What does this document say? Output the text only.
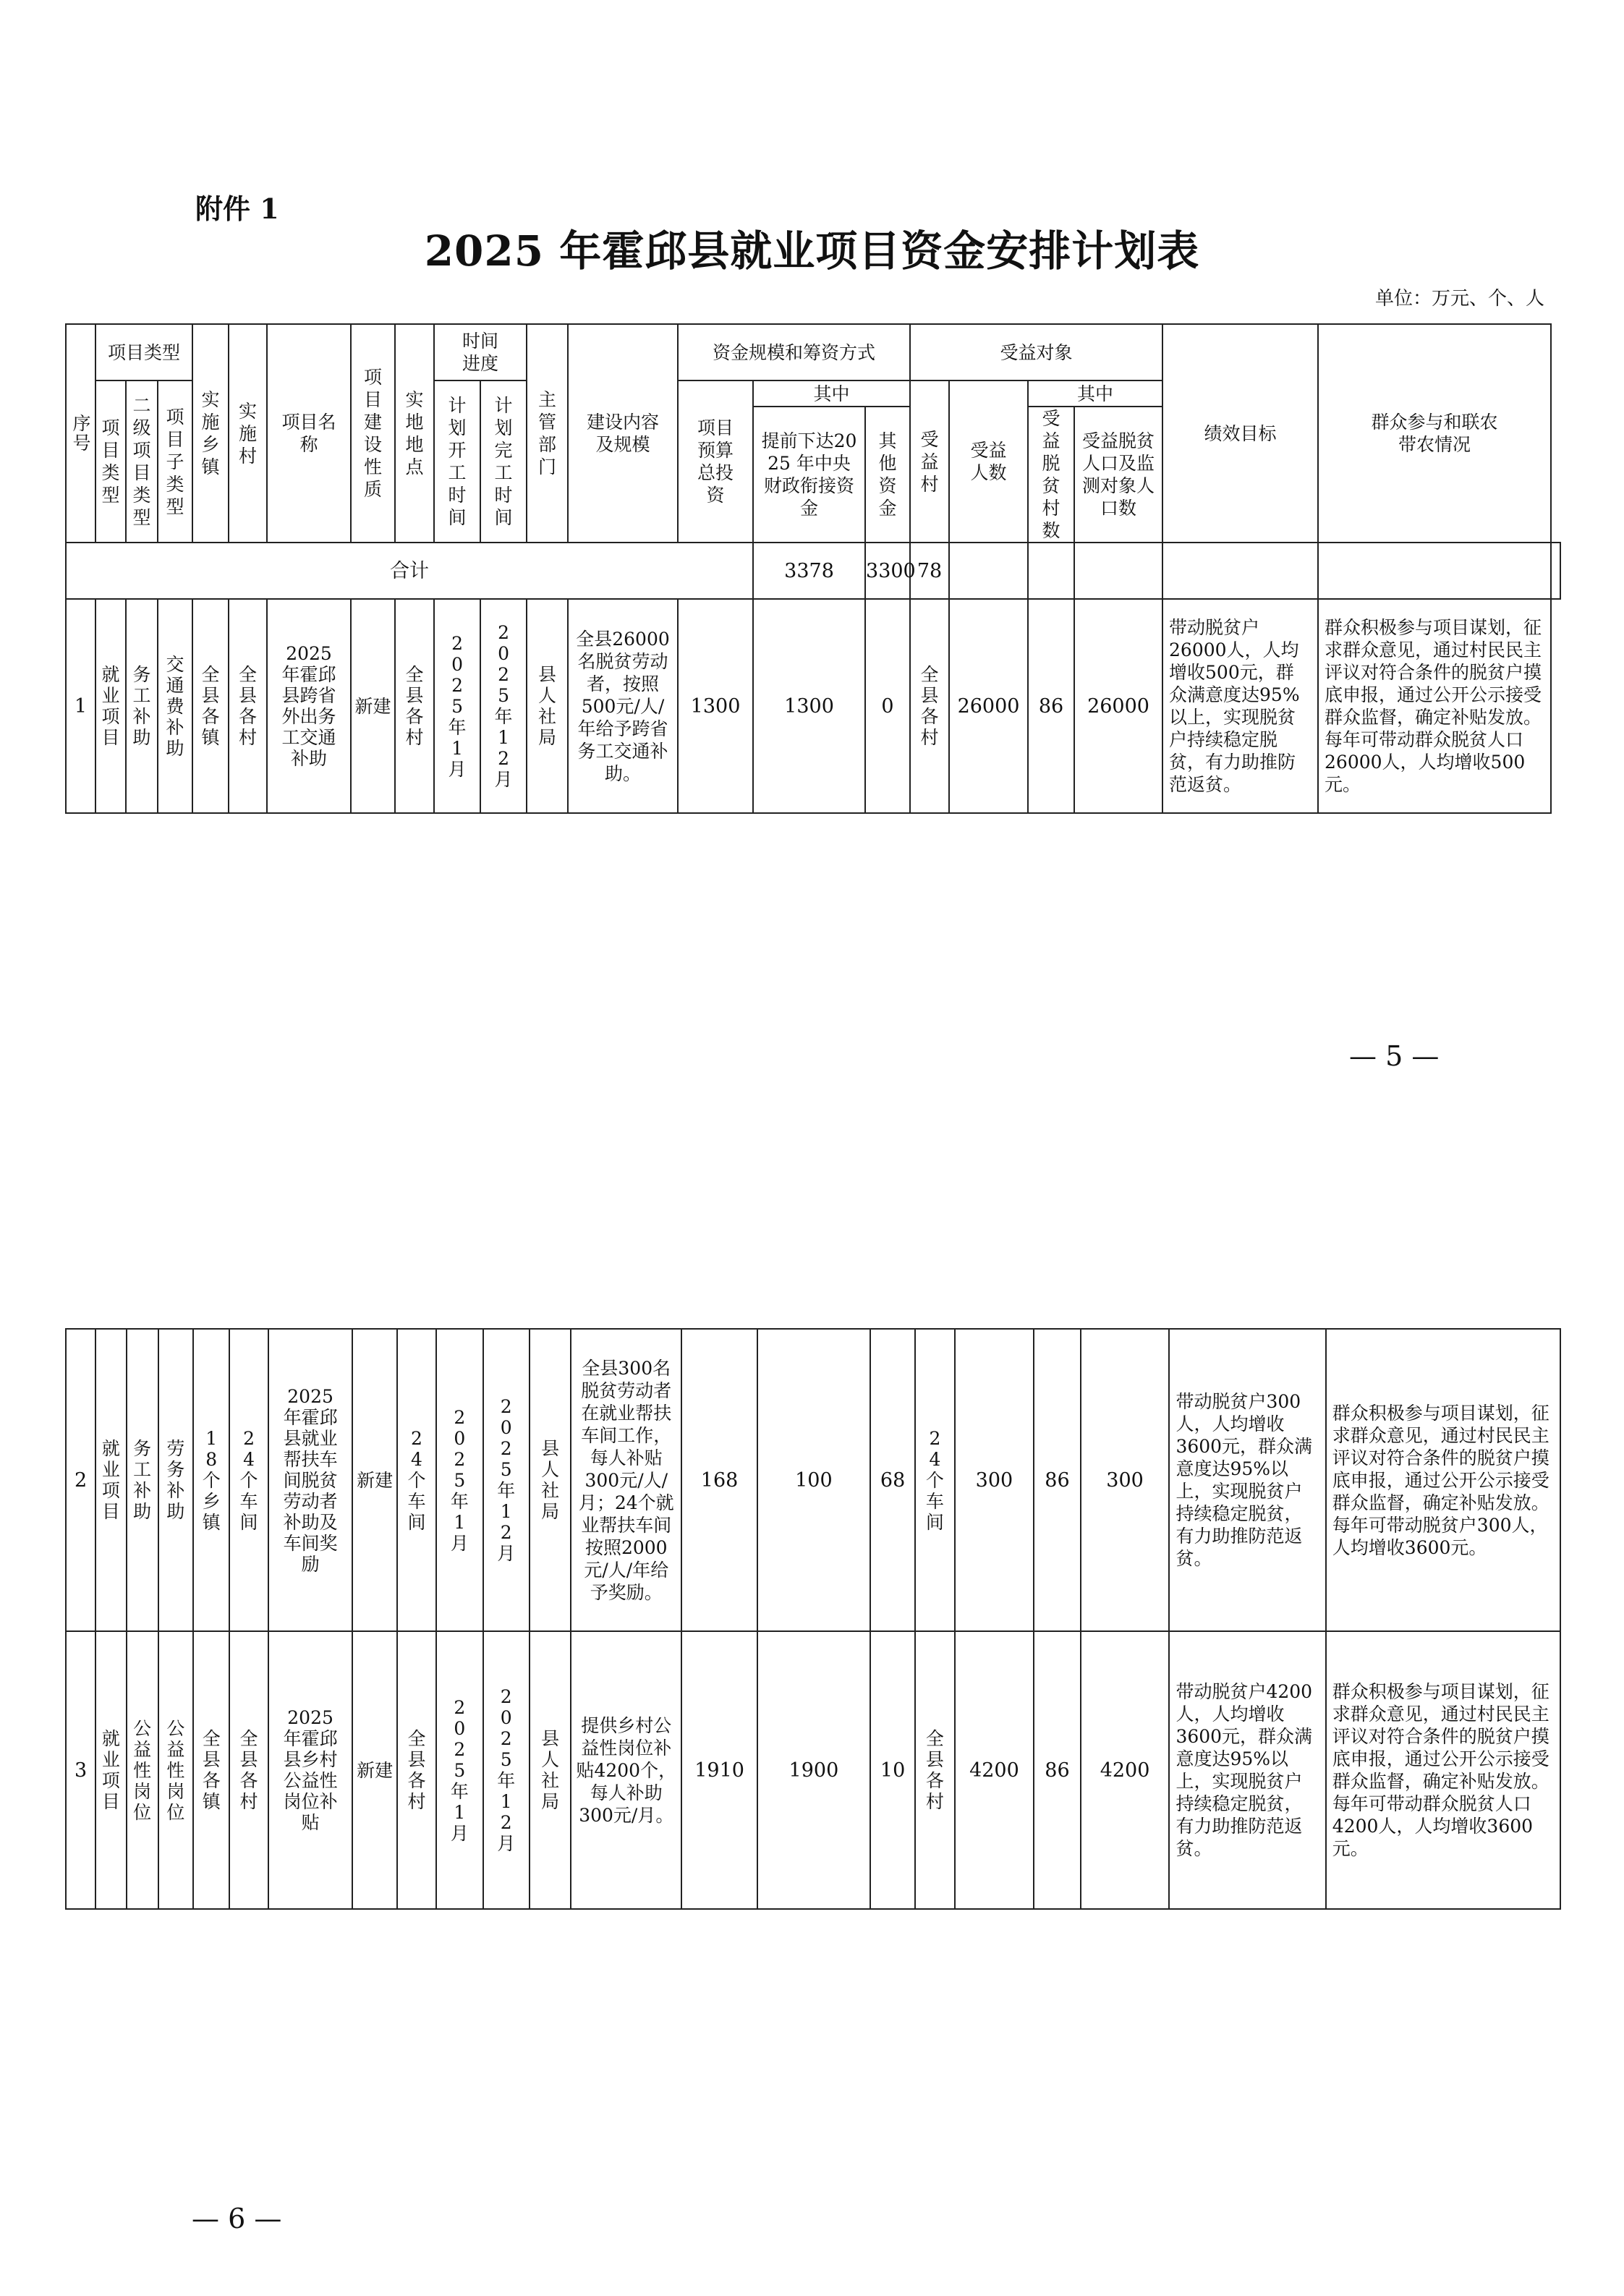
附件 1
2025 年霍邱县就业项目资金安排计划表
单位：万元、个、人
序号	项目类型			实施乡镇	实施村	项目名称	项目建设性质	实地地点	时间进度		主管部门	建设内容及规模	资金规模和筹资方式			受益对象				绩效目标	群众参与和联农带农情况	

	项目类型	二级项目类型	项目子类型						计划开工时间	计划完工时间			项目预算总投资	其中		受益村	受益人数	其中				

														提前下达2025 年中央财政衔接资金	其他资金			受益脱贫村数	受益脱贫人口及监测对象人口数			

合计														3378	3300	78						
1	就业项目	务工补助	交通费补助	全县各镇	全县各村	2025年霍邱县跨省外出务工交通补助	新建	全县各村	2025年1月	2025年12月	县人社局	全县26000名脱贫劳动者，按照500元/人/年给予跨省务工交通补助。	1300	1300	0	全县各村	26000	86	26000	带动脱贫户26000人，人均增收500元，群众满意度达95%以上，实现脱贫户持续稳定脱贫，有力助推防范返贫。	群众积极参与项目谋划，征求群众意见，通过村民民主评议对符合条件的脱贫户摸底申报，通过公开公示接受群众监督，确定补贴发放。每年可带动群众脱贫人口26000人，人均增收500元。	
— 5 —
2	就业项目	务工补助	劳务补助	18个乡镇	24个车间	2025年霍邱县就业帮扶车间脱贫劳动者补助及车间奖励	新建	24个车间	2025年1月	2025年12月	县人社局	全县300名脱贫劳动者在就业帮扶车间工作，每人补贴300元/人/月；24个就业帮扶车间按照2000元/人/年给予奖励。	168	100	68	24个车间	300	86	300	带动脱贫户300人，人均增收3600元，群众满意度达95%以上，实现脱贫户持续稳定脱贫，有力助推防范返贫。	群众积极参与项目谋划，征求群众意见，通过村民民主评议对符合条件的脱贫户摸底申报，通过公开公示接受群众监督，确定补贴发放。每年可带动脱贫户300人，人均增收3600元。

3	就业项目	公益性岗位	公益性岗位	全县各镇	全县各村	2025年霍邱县乡村公益性岗位补贴	新建	全县各村	2025年1月	2025年12月	县人社局	提供乡村公益性岗位补贴4200个，每人补助300元/月。	1910	1900	10	全县各村	4200	86	4200	带动脱贫户4200人，人均增收3600元，群众满意度达95%以上，实现脱贫户持续稳定脱贫，有力助推防范返贫。	群众积极参与项目谋划，征求群众意见，通过村民民主评议对符合条件的脱贫户摸底申报，通过公开公示接受群众监督，确定补贴发放。每年可带动群众脱贫人口4200人，人均增收3600元。
— 6 —
